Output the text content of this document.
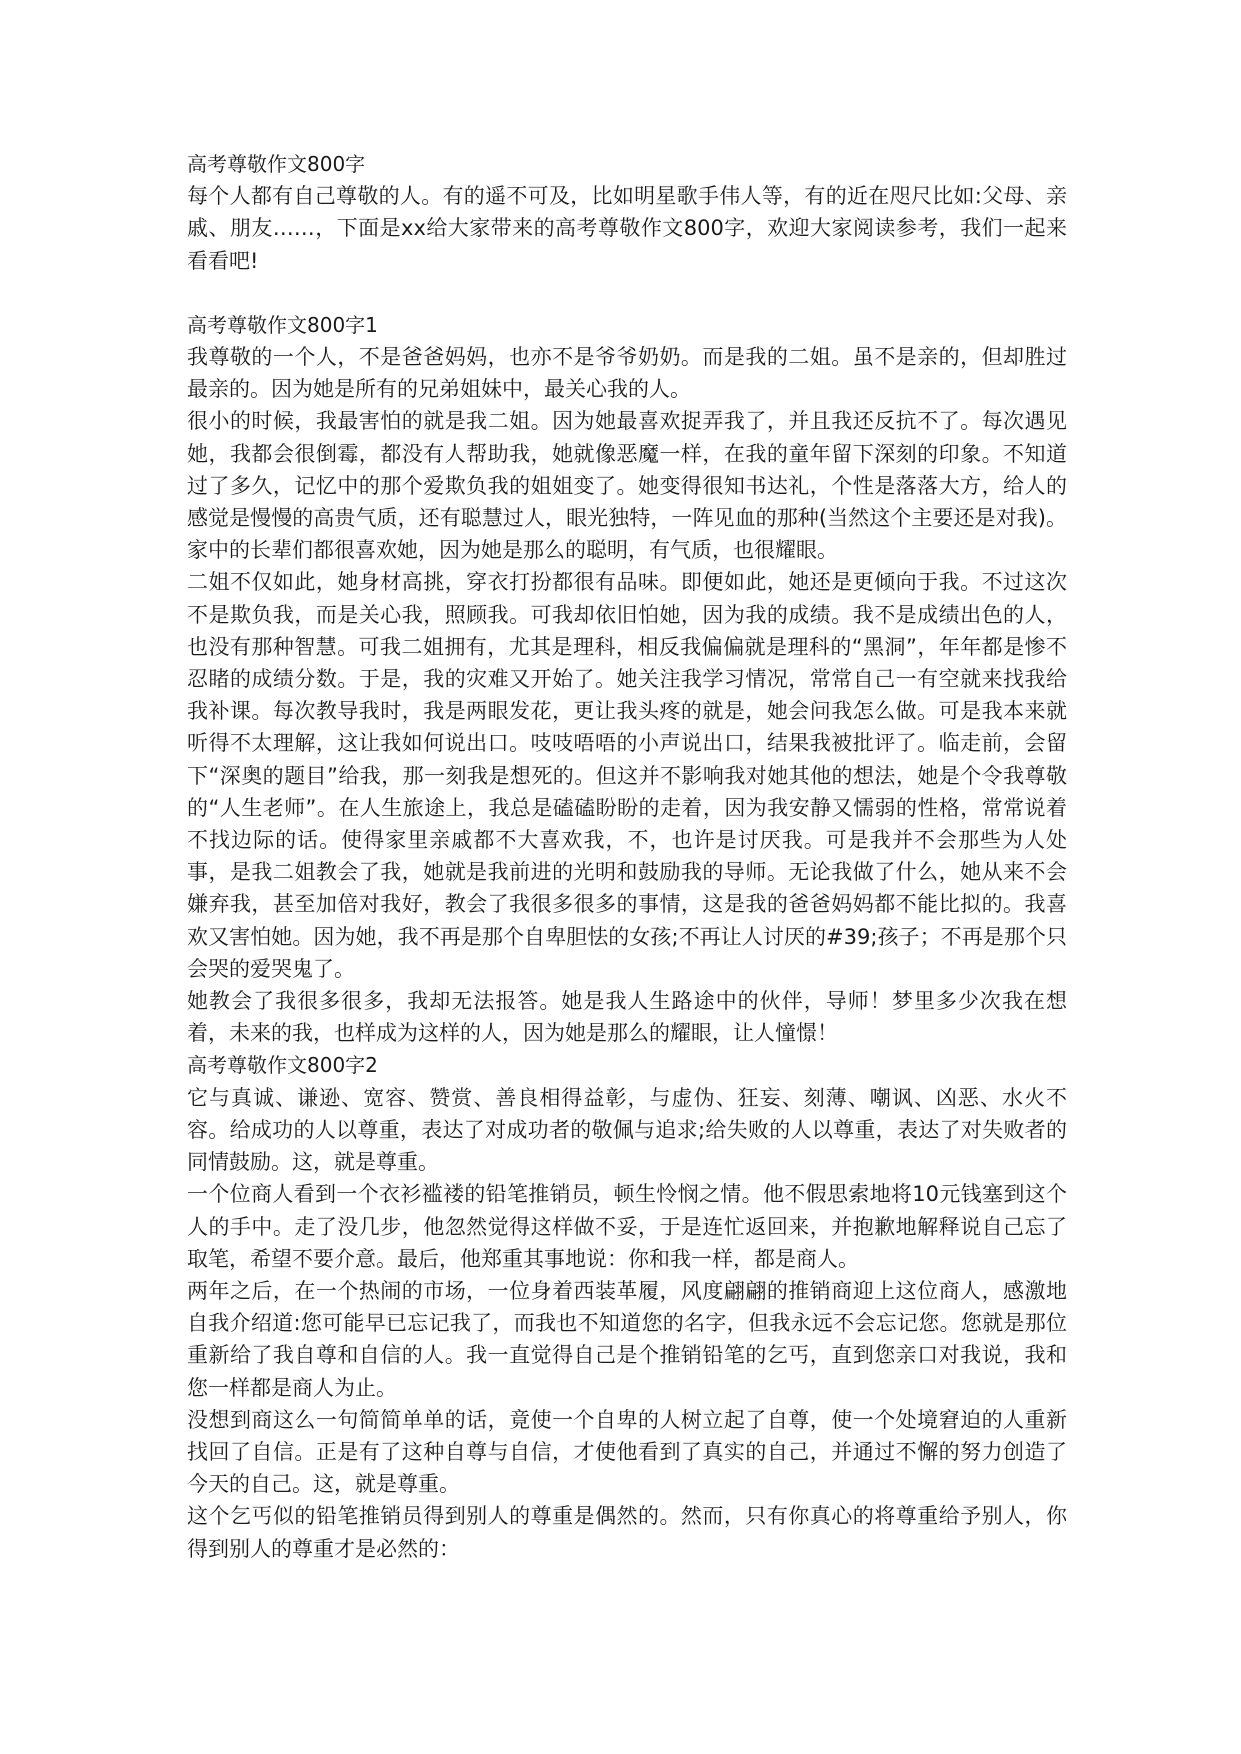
高考尊敬作文800字

每个人都有自己尊敬的人。有的遥不可及，比如明星歌手伟人等，有的近在咫尺比如:父母、亲戚、朋友……，下面是xx给大家带来的高考尊敬作文800字，欢迎大家阅读参考，我们一起来看看吧!

高考尊敬作文800字1

我尊敬的一个人，不是爸爸妈妈，也亦不是爷爷奶奶。而是我的二姐。虽不是亲的，但却胜过最亲的。因为她是所有的兄弟姐妹中，最关心我的人。

很小的时候，我最害怕的就是我二姐。因为她最喜欢捉弄我了，并且我还反抗不了。每次遇见她，我都会很倒霉，都没有人帮助我，她就像恶魔一样，在我的童年留下深刻的印象。不知道过了多久，记忆中的那个爱欺负我的姐姐变了。她变得很知书达礼，个性是落落大方，给人的感觉是慢慢的高贵气质，还有聪慧过人，眼光独特，一阵见血的那种(当然这个主要还是对我)。家中的长辈们都很喜欢她，因为她是那么的聪明，有气质，也很耀眼。

二姐不仅如此，她身材高挑，穿衣打扮都很有品味。即便如此，她还是更倾向于我。不过这次不是欺负我，而是关心我，照顾我。可我却依旧怕她，因为我的成绩。我不是成绩出色的人，也没有那种智慧。可我二姐拥有，尤其是理科，相反我偏偏就是理科的“黑洞”，年年都是惨不忍睹的成绩分数。于是，我的灾难又开始了。她关注我学习情况，常常自己一有空就来找我给我补课。每次教导我时，我是两眼发花，更让我头疼的就是，她会问我怎么做。可是我本来就听得不太理解，这让我如何说出口。吱吱唔唔的小声说出口，结果我被批评了。临走前，会留下“深奥的题目”给我，那一刻我是想死的。但这并不影响我对她其他的想法，她是个令我尊敬的“人生老师”。在人生旅途上，我总是磕磕盼盼的走着，因为我安静又懦弱的性格，常常说着不找边际的话。使得家里亲戚都不大喜欢我，不，也许是讨厌我。可是我并不会那些为人处事，是我二姐教会了我，她就是我前进的光明和鼓励我的导师。无论我做了什么，她从来不会嫌弃我，甚至加倍对我好，教会了我很多很多的事情，这是我的爸爸妈妈都不能比拟的。我喜欢又害怕她。因为她，我不再是那个自卑胆怯的女孩;不再让人讨厌的#39;孩子；不再是那个只会哭的爱哭鬼了。

她教会了我很多很多，我却无法报答。她是我人生路途中的伙伴，导师！梦里多少次我在想着，未来的我，也样成为这样的人，因为她是那么的耀眼，让人憧憬！

高考尊敬作文800字2

它与真诚、谦逊、宽容、赞赏、善良相得益彰，与虚伪、狂妄、刻薄、嘲讽、凶恶、水火不容。给成功的人以尊重，表达了对成功者的敬佩与追求;给失败的人以尊重，表达了对失败者的同情鼓励。这，就是尊重。

一个位商人看到一个衣衫褴褛的铅笔推销员，顿生怜悯之情。他不假思索地将10元钱塞到这个人的手中。走了没几步，他忽然觉得这样做不妥，于是连忙返回来，并抱歉地解释说自己忘了取笔，希望不要介意。最后，他郑重其事地说：你和我一样，都是商人。

两年之后，在一个热闹的市场，一位身着西装革履，风度翩翩的推销商迎上这位商人，感激地自我介绍道:您可能早已忘记我了，而我也不知道您的名字，但我永远不会忘记您。您就是那位重新给了我自尊和自信的人。我一直觉得自己是个推销铅笔的乞丐，直到您亲口对我说，我和您一样都是商人为止。

没想到商这么一句简简单单的话，竟使一个自卑的人树立起了自尊，使一个处境窘迫的人重新找回了自信。正是有了这种自尊与自信，才使他看到了真实的自己，并通过不懈的努力创造了今天的自己。这，就是尊重。

这个乞丐似的铅笔推销员得到别人的尊重是偶然的。然而，只有你真心的将尊重给予别人，你得到别人的尊重才是必然的：
